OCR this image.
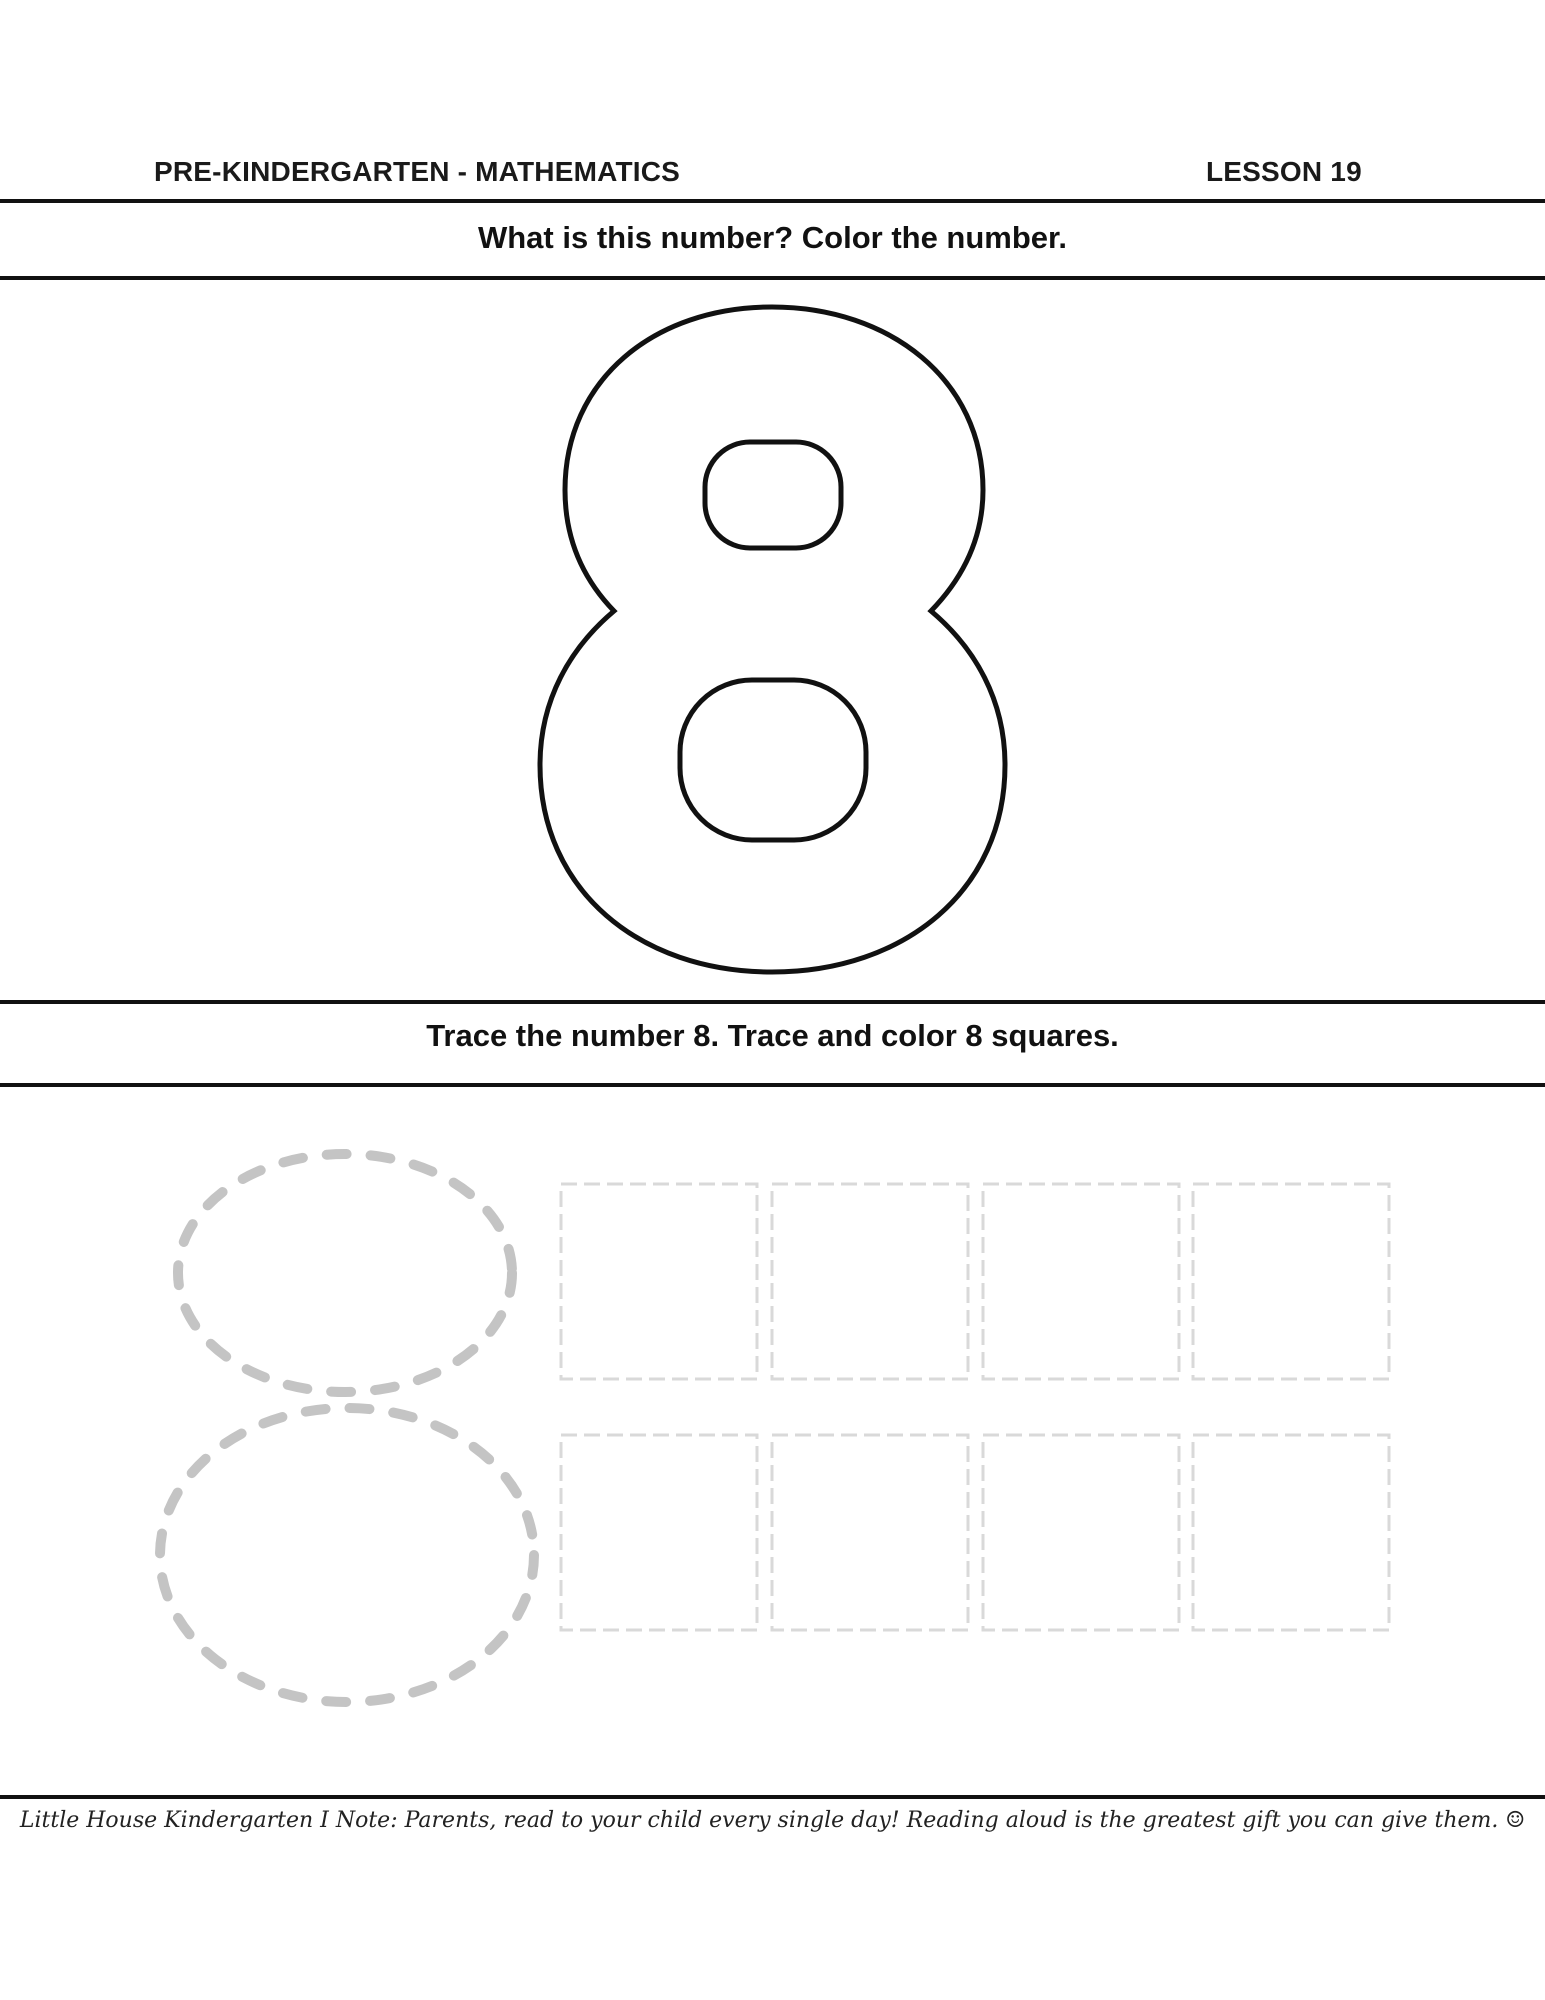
PRE-KINDERGARTEN - MATHEMATICS	LESSON 19
What is this number? Color the number.
Trace the number 8. Trace and color 8 squares.
Little House Kindergarten I Note: Parents, read to your child every single day! Reading aloud is the greatest gift you can give them. ☺
